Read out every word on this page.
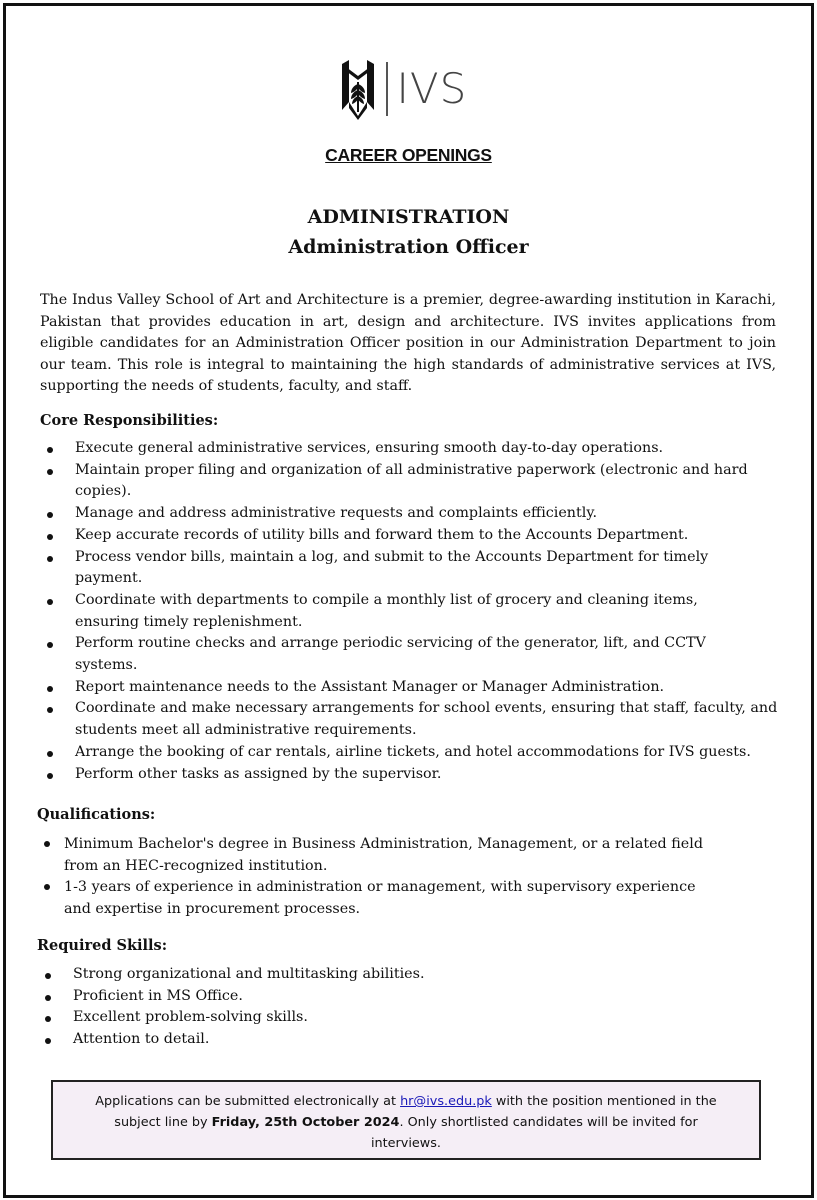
IVS
CAREER OPENINGS
ADMINISTRATION
Administration Officer

The Indus Valley School of Art and Architecture is a premier, degree-awarding institution in Karachi, Pakistan that provides education in art, design and architecture. IVS invites applications from eligible candidates for an Administration Officer position in our Administration Department to join our team. This role is integral to maintaining the high standards of administrative services at IVS, supporting the needs of students, faculty, and staff.

Core Responsibilities:
Execute general administrative services, ensuring smooth day-to-day operations.
Maintain proper filing and organization of all administrative paperwork (electronic and hard copies).
Manage and address administrative requests and complaints efficiently.
Keep accurate records of utility bills and forward them to the Accounts Department.
Process vendor bills, maintain a log, and submit to the Accounts Department for timely payment.
Coordinate with departments to compile a monthly list of grocery and cleaning items, ensuring timely replenishment.
Perform routine checks and arrange periodic servicing of the generator, lift, and CCTV systems.
Report maintenance needs to the Assistant Manager or Manager Administration.
Coordinate and make necessary arrangements for school events, ensuring that staff, faculty, and students meet all administrative requirements.
Arrange the booking of car rentals, airline tickets, and hotel accommodations for IVS guests.
Perform other tasks as assigned by the supervisor.
Qualifications:
Minimum Bachelor's degree in Business Administration, Management, or a related field from an HEC-recognized institution.
1-3 years of experience in administration or management, with supervisory experience and expertise in procurement processes.
Required Skills:
Strong organizational and multitasking abilities.
Proficient in MS Office.
Excellent problem-solving skills.
Attention to detail.
Applications can be submitted electronically at hr@ivs.edu.pk with the position mentioned in the subject line by Friday, 25th October 2024. Only shortlisted candidates will be invited for interviews.
